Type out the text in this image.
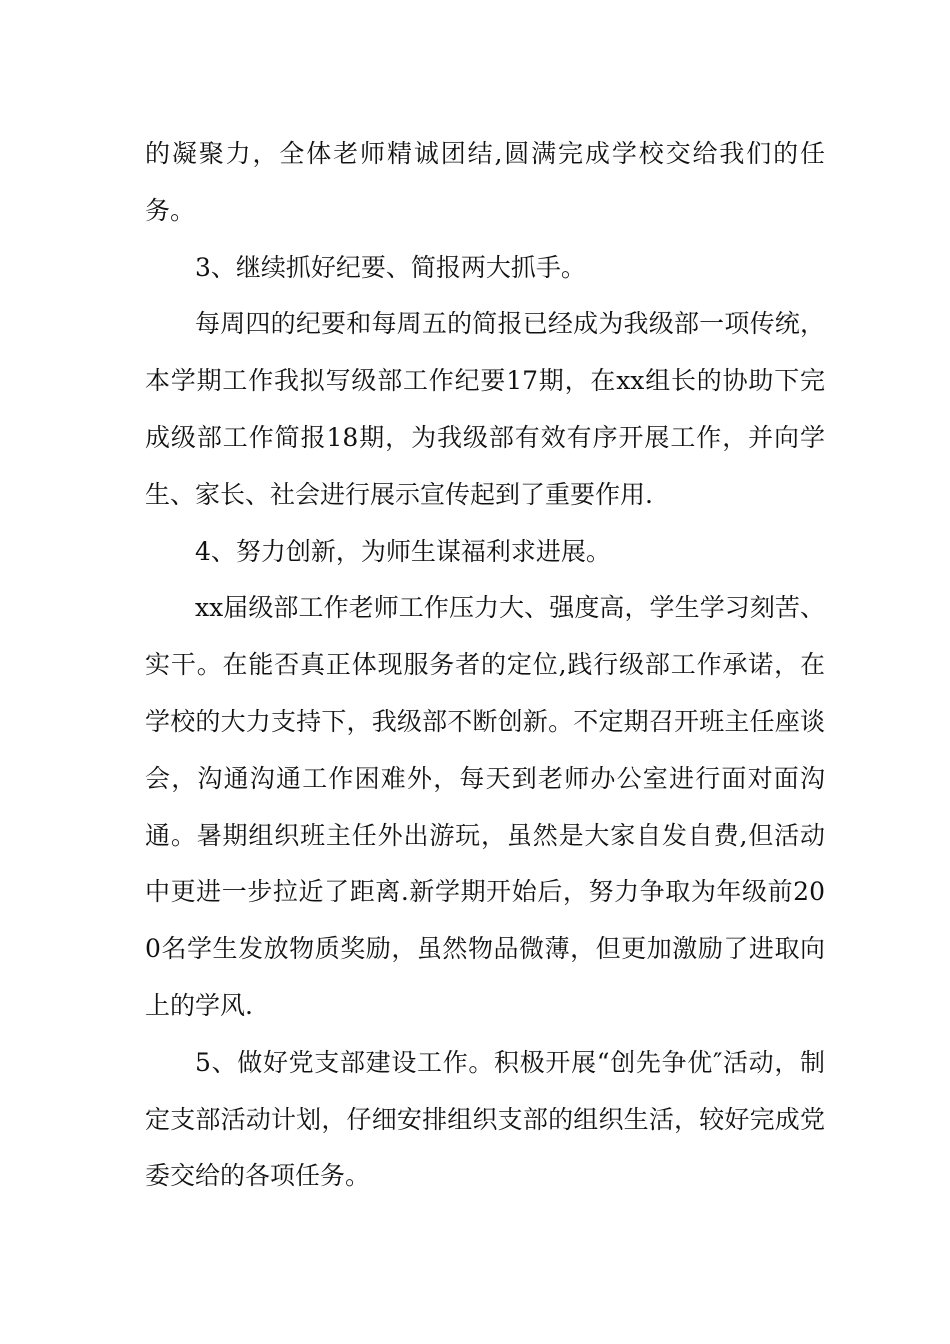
的凝聚力，全体老师精诚团结,圆满完成学校交给我们的任务。

3、继续抓好纪要、简报两大抓手。

每周四的纪要和每周五的简报已经成为我级部一项传统，本学期工作我拟写级部工作纪要17期，在xx组长的协助下完成级部工作简报18期，为我级部有效有序开展工作，并向学生、家长、社会进行展示宣传起到了重要作用.

4、努力创新，为师生谋福利求进展。

xx届级部工作老师工作压力大、强度高，学生学习刻苦、实干。在能否真正体现服务者的定位,践行级部工作承诺，在学校的大力支持下，我级部不断创新。不定期召开班主任座谈会，沟通沟通工作困难外，每天到老师办公室进行面对面沟通。暑期组织班主任外出游玩，虽然是大家自发自费,但活动中更进一步拉近了距离.新学期开始后，努力争取为年级前200名学生发放物质奖励，虽然物品微薄，但更加激励了进取向上的学风.

5、做好党支部建设工作。积极开展“创先争优″活动，制定支部活动计划，仔细安排组织支部的组织生活，较好完成党委交给的各项任务。
